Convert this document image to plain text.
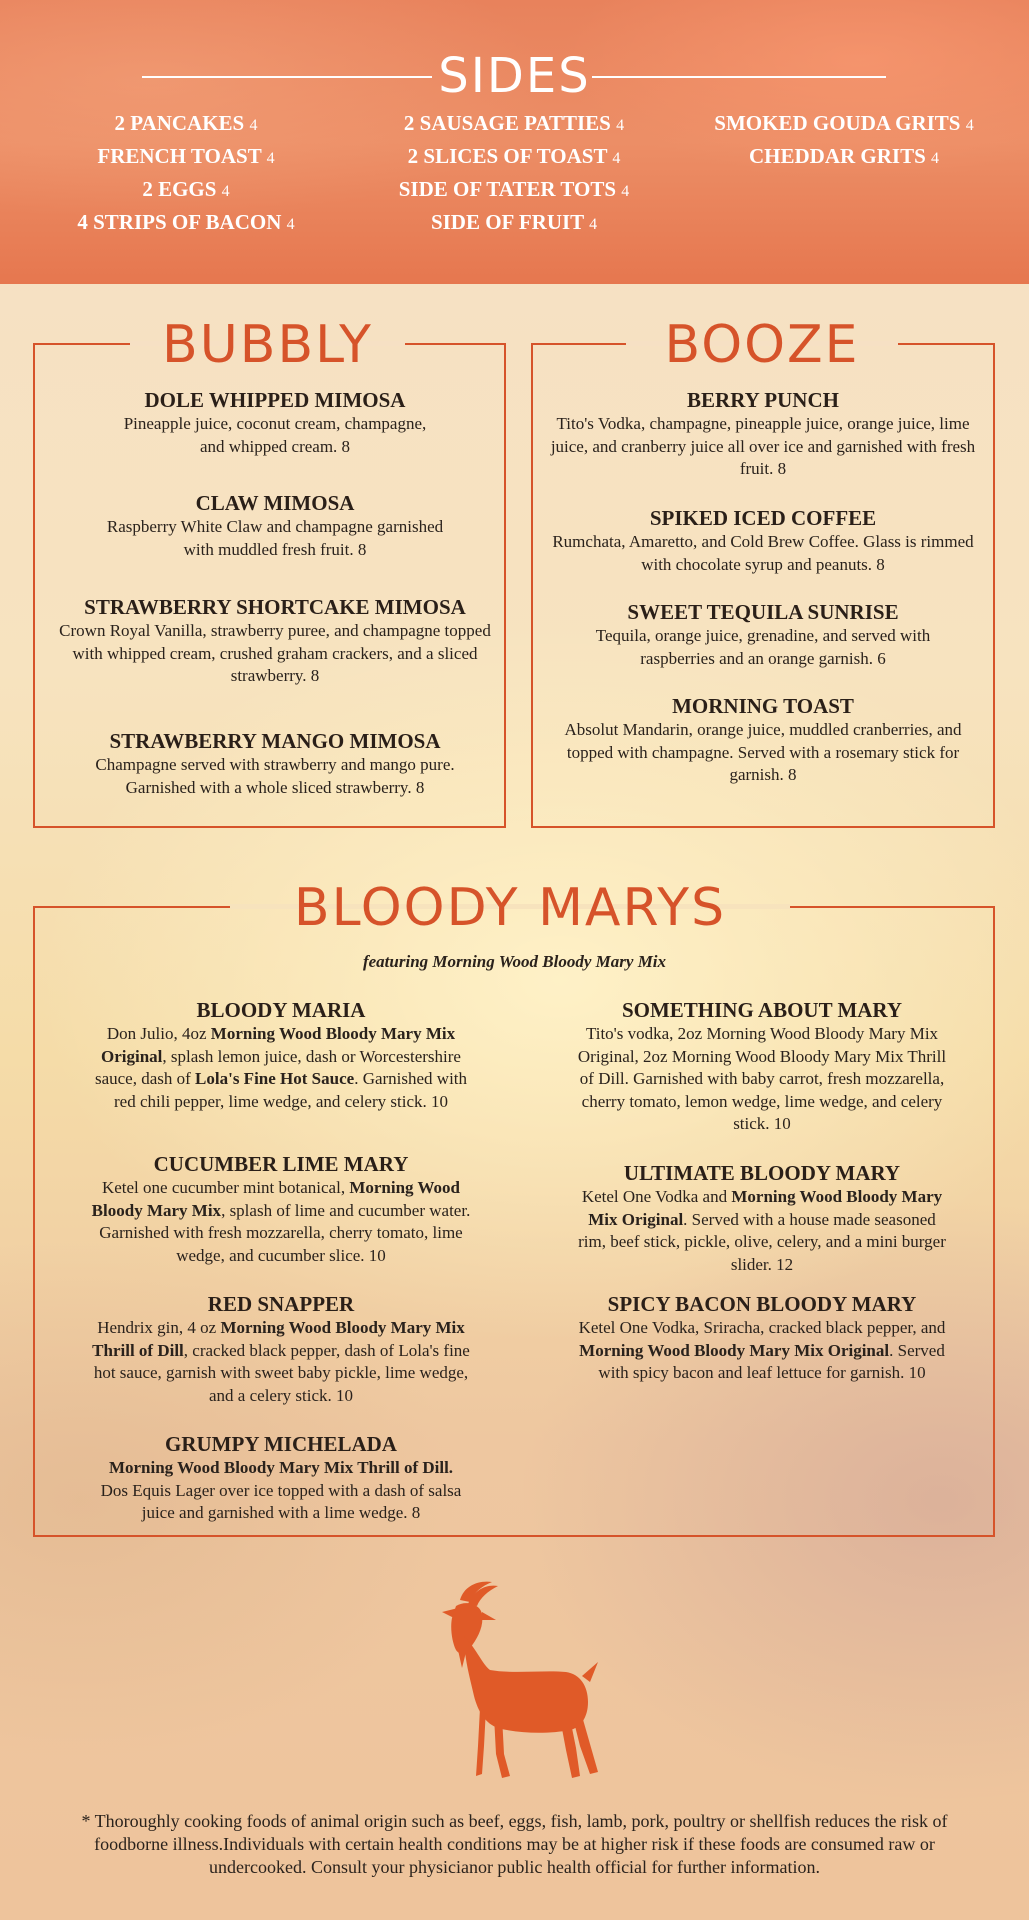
SIDES
2 PANCAKES 4
FRENCH TOAST 4
2 EGGS 4
4 STRIPS OF BACON 4
2 SAUSAGE PATTIES 4
2 SLICES OF TOAST 4
SIDE OF TATER TOTS 4
SIDE OF FRUIT 4
SMOKED GOUDA GRITS 4
CHEDDAR GRITS 4
BUBBLY
DOLE WHIPPED MIMOSA

Pineapple juice, coconut cream, champagne, and whipped cream. 8

CLAW MIMOSA

Raspberry White Claw and champagne garnished with muddled fresh fruit. 8

STRAWBERRY SHORTCAKE MIMOSA

Crown Royal Vanilla, strawberry puree, and champagne topped with whipped cream, crushed graham crackers, and a sliced strawberry. 8

STRAWBERRY MANGO MIMOSA

Champagne served with strawberry and mango pure. Garnished with a whole sliced strawberry. 8

BOOZE
BERRY PUNCH

Tito's Vodka, champagne, pineapple juice, orange juice, lime juice, and cranberry juice all over ice and garnished with fresh fruit. 8

SPIKED ICED COFFEE

Rumchata, Amaretto, and Cold Brew Coffee. Glass is rimmed with chocolate syrup and peanuts. 8

SWEET TEQUILA SUNRISE

Tequila, orange juice, grenadine, and served with raspberries and an orange garnish. 6

MORNING TOAST

Absolut Mandarin, orange juice, muddled cranberries, and topped with champagne. Served with a rosemary stick for garnish. 8

BLOODY MARYS
featuring Morning Wood Bloody Mary Mix
BLOODY MARIA

Don Julio, 4oz Morning Wood Bloody Mary Mix Original, splash lemon juice, dash or Worcestershire sauce, dash of Lola's Fine Hot Sauce. Garnished with red chili pepper, lime wedge, and celery stick. 10

CUCUMBER LIME MARY

Ketel one cucumber mint botanical, Morning Wood Bloody Mary Mix, splash of lime and cucumber water. Garnished with fresh mozzarella, cherry tomato, lime wedge, and cucumber slice. 10

RED SNAPPER

Hendrix gin, 4 oz Morning Wood Bloody Mary Mix Thrill of Dill, cracked black pepper, dash of Lola's fine hot sauce, garnish with sweet baby pickle, lime wedge, and a celery stick. 10

GRUMPY MICHELADA

Morning Wood Bloody Mary Mix Thrill of Dill. Dos Equis Lager over ice topped with a dash of salsa juice and garnished with a lime wedge. 8

SOMETHING ABOUT MARY

Tito's vodka, 2oz Morning Wood Bloody Mary Mix Original, 2oz Morning Wood Bloody Mary Mix Thrill of Dill. Garnished with baby carrot, fresh mozzarella, cherry tomato, lemon wedge, lime wedge, and celery stick. 10

ULTIMATE BLOODY MARY

Ketel One Vodka and Morning Wood Bloody Mary Mix Original. Served with a house made seasoned rim, beef stick, pickle, olive, celery, and a mini burger slider. 12

SPICY BACON BLOODY MARY

Ketel One Vodka, Sriracha, cracked black pepper, and Morning Wood Bloody Mary Mix Original. Served with spicy bacon and leaf lettuce for garnish. 10

* Thoroughly cooking foods of animal origin such as beef, eggs, fish, lamb, pork, poultry or shellfish reduces the risk of foodborne illness.Individuals with certain health conditions may be at higher risk if these foods are consumed raw or undercooked. Consult your physicianor public health official for further information.
